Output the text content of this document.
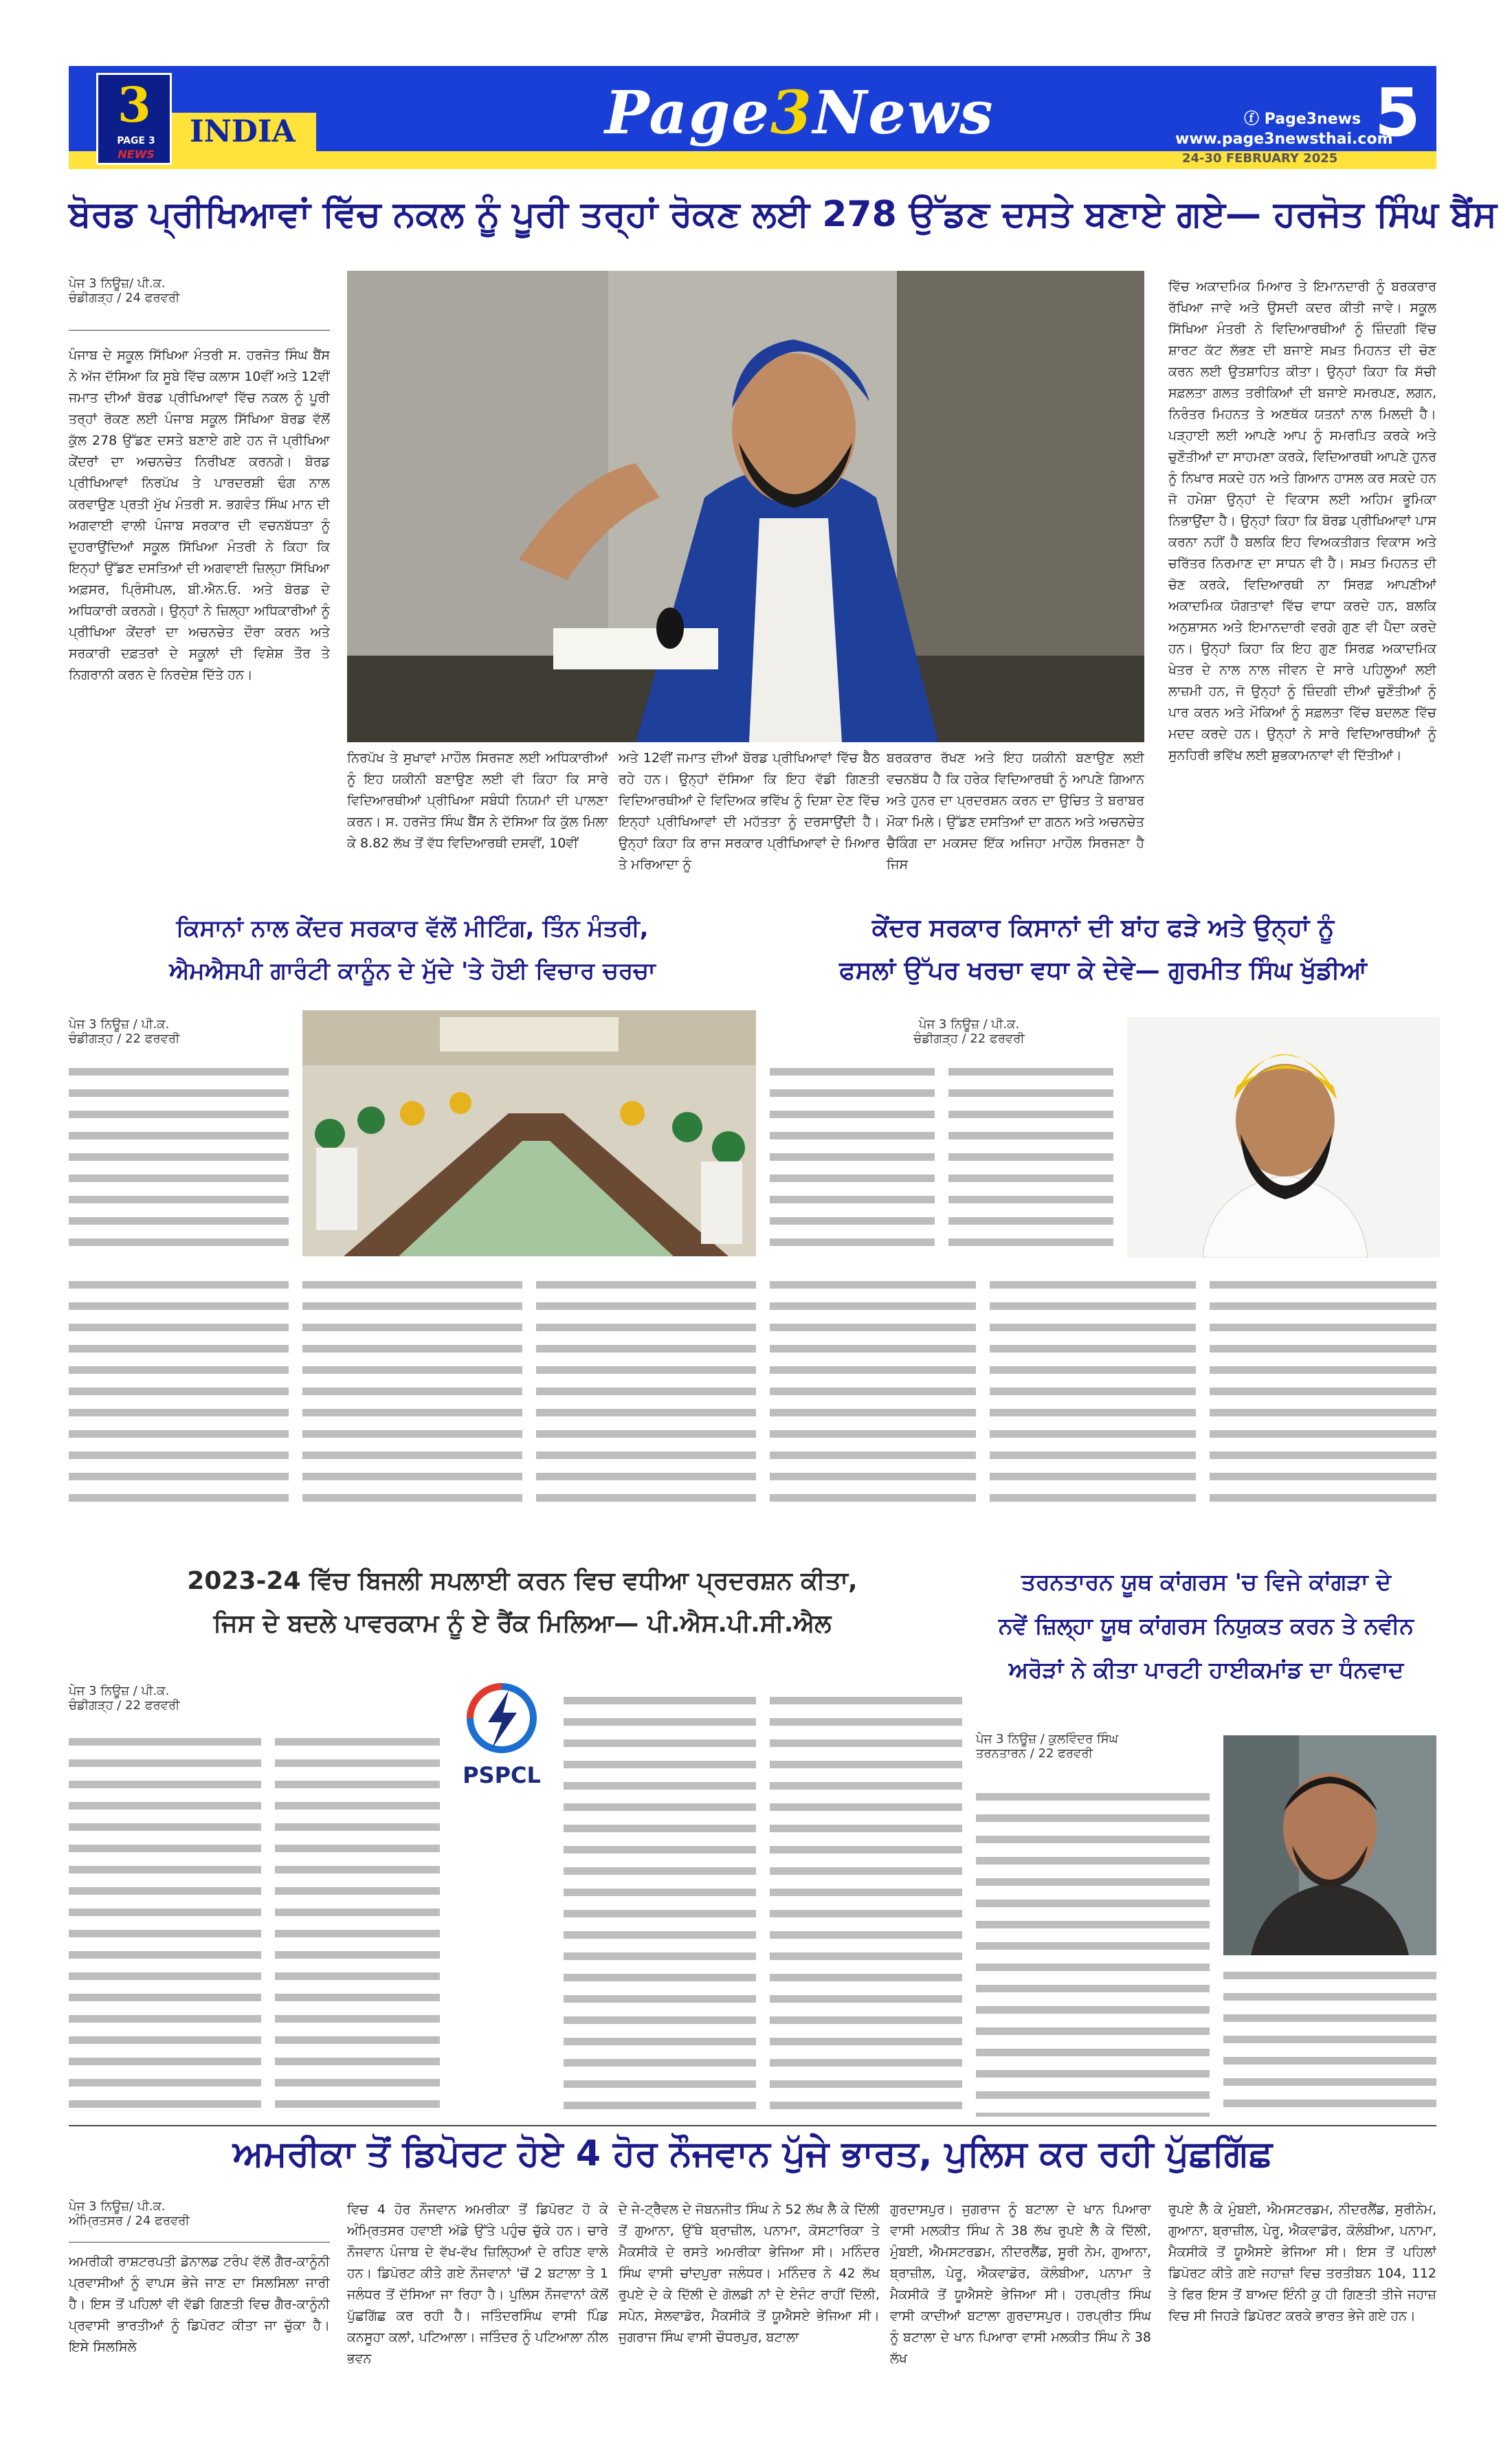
3
PAGE 3
NEWS
INDIA	Page3News	ⓕ Page3news
www.page3newsthai.com
5
24-30 FEBRUARY 2025
ਬੋਰਡ ਪ੍ਰੀਖਿਆਵਾਂ ਵਿੱਚ ਨਕਲ ਨੂੰ ਪੂਰੀ ਤਰ੍ਹਾਂ ਰੋਕਣ ਲਈ 278 ਉੱਡਣ ਦਸਤੇ ਬਣਾਏ ਗਏ— ਹਰਜੋਤ ਸਿੰਘ ਬੈਂਸ
ਪੇਜ 3 ਨਿਊਜ਼/ ਪੀ.ਕ.
ਚੰਡੀਗੜ੍ਹ / 24 ਫਰਵਰੀ
ਪੰਜਾਬ ਦੇ ਸਕੂਲ ਸਿੱਖਿਆ ਮੰਤਰੀ ਸ. ਹਰਜੋਤ ਸਿੰਘ ਬੈਂਸ ਨੇ ਅੱਜ ਦੱਸਿਆ ਕਿ ਸੂਬੇ ਵਿੱਚ ਕਲਾਸ 10ਵੀਂ ਅਤੇ 12ਵੀਂ ਜਮਾਤ ਦੀਆਂ ਬੋਰਡ ਪ੍ਰੀਖਿਆਵਾਂ ਵਿੱਚ ਨਕਲ ਨੂੰ ਪੂਰੀ ਤਰ੍ਹਾਂ ਰੋਕਣ ਲਈ ਪੰਜਾਬ ਸਕੂਲ ਸਿੱਖਿਆ ਬੋਰਡ ਵੱਲੋਂ ਕੁੱਲ 278 ਉੱਡਣ ਦਸਤੇ ਬਣਾਏ ਗਏ ਹਨ ਜੋ ਪ੍ਰੀਖਿਆ ਕੇਂਦਰਾਂ ਦਾ ਅਚਨਚੇਤ ਨਿਰੀਖਣ ਕਰਨਗੇ। ਬੋਰਡ ਪ੍ਰੀਖਿਆਵਾਂ ਨਿਰਪੱਖ ਤੇ ਪਾਰਦਰਸ਼ੀ ਢੰਗ ਨਾਲ ਕਰਵਾਉਣ ਪ੍ਰਤੀ ਮੁੱਖ ਮੰਤਰੀ ਸ. ਭਗਵੰਤ ਸਿੰਘ ਮਾਨ ਦੀ ਅਗਵਾਈ ਵਾਲੀ ਪੰਜਾਬ ਸਰਕਾਰ ਦੀ ਵਚਨਬੱਧਤਾ ਨੂੰ ਦੁਹਰਾਉਂਦਿਆਂ ਸਕੂਲ ਸਿੱਖਿਆ ਮੰਤਰੀ ਨੇ ਕਿਹਾ ਕਿ ਇਨ੍ਹਾਂ ਉੱਡਣ ਦਸਤਿਆਂ ਦੀ ਅਗਵਾਈ ਜ਼ਿਲ੍ਹਾ ਸਿੱਖਿਆ ਅਫ਼ਸਰ, ਪ੍ਰਿੰਸੀਪਲ, ਬੀ.ਐਨ.ਓ. ਅਤੇ ਬੋਰਡ ਦੇ ਅਧਿਕਾਰੀ ਕਰਨਗੇ। ਉਨ੍ਹਾਂ ਨੇ ਜ਼ਿਲ੍ਹਾ ਅਧਿਕਾਰੀਆਂ ਨੂੰ ਪ੍ਰੀਖਿਆ ਕੇਂਦਰਾਂ ਦਾ ਅਚਨਚੇਤ ਦੌਰਾ ਕਰਨ ਅਤੇ ਸਰਕਾਰੀ ਦਫ਼ਤਰਾਂ ਦੇ ਸਕੂਲਾਂ ਦੀ ਵਿਸ਼ੇਸ਼ ਤੌਰ ਤੇ ਨਿਗਰਾਨੀ ਕਰਨ ਦੇ ਨਿਰਦੇਸ਼ ਦਿੱਤੇ ਹਨ।
ਨਿਰਪੱਖ ਤੇ ਸੁਖਾਵਾਂ ਮਾਹੌਲ ਸਿਰਜਣ ਲਈ ਅਧਿਕਾਰੀਆਂ ਨੂੰ ਇਹ ਯਕੀਨੀ ਬਣਾਉਣ ਲਈ ਵੀ ਕਿਹਾ ਕਿ ਸਾਰੇ ਵਿਦਿਆਰਥੀਆਂ ਪ੍ਰੀਖਿਆ ਸਬੰਧੀ ਨਿਯਮਾਂ ਦੀ ਪਾਲਣਾ ਕਰਨ। ਸ. ਹਰਜੋਤ ਸਿੰਘ ਬੈਂਸ ਨੇ ਦੱਸਿਆ ਕਿ ਕੁੱਲ ਮਿਲਾ ਕੇ 8.82 ਲੱਖ ਤੋਂ ਵੱਧ ਵਿਦਿਆਰਥੀ ਦਸਵੀਂ, 10ਵੀਂ
ਅਤੇ 12ਵੀਂ ਜਮਾਤ ਦੀਆਂ ਬੋਰਡ ਪ੍ਰੀਖਿਆਵਾਂ ਵਿੱਚ ਬੈਠ ਰਹੇ ਹਨ। ਉਨ੍ਹਾਂ ਦੱਸਿਆ ਕਿ ਇਹ ਵੱਡੀ ਗਿਣਤੀ ਵਿਦਿਆਰਥੀਆਂ ਦੇ ਵਿਦਿਅਕ ਭਵਿੱਖ ਨੂੰ ਦਿਸ਼ਾ ਦੇਣ ਵਿੱਚ ਇਨ੍ਹਾਂ ਪ੍ਰੀਖਿਆਵਾਂ ਦੀ ਮਹੱਤਤਾ ਨੂੰ ਦਰਸਾਉਂਦੀ ਹੈ। ਉਨ੍ਹਾਂ ਕਿਹਾ ਕਿ ਰਾਜ ਸਰਕਾਰ ਪ੍ਰੀਖਿਆਵਾਂ ਦੇ ਮਿਆਰ ਤੇ ਮਰਿਆਦਾ ਨੂੰ
ਬਰਕਰਾਰ ਰੱਖਣ ਅਤੇ ਇਹ ਯਕੀਨੀ ਬਣਾਉਣ ਲਈ ਵਚਨਬੱਧ ਹੈ ਕਿ ਹਰੇਕ ਵਿਦਿਆਰਥੀ ਨੂੰ ਆਪਣੇ ਗਿਆਨ ਅਤੇ ਹੁਨਰ ਦਾ ਪ੍ਰਦਰਸ਼ਨ ਕਰਨ ਦਾ ਉਚਿਤ ਤੇ ਬਰਾਬਰ ਮੌਕਾ ਮਿਲੇ। ਉੱਡਣ ਦਸਤਿਆਂ ਦਾ ਗਠਨ ਅਤੇ ਅਚਨਚੇਤ ਚੈਕਿੰਗ ਦਾ ਮਕਸਦ ਇੱਕ ਅਜਿਹਾ ਮਾਹੌਲ ਸਿਰਜਣਾ ਹੈ ਜਿਸ
ਵਿੱਚ ਅਕਾਦਮਿਕ ਮਿਆਰ ਤੇ ਇਮਾਨਦਾਰੀ ਨੂੰ ਬਰਕਰਾਰ ਰੱਖਿਆ ਜਾਵੇ ਅਤੇ ਉਸਦੀ ਕਦਰ ਕੀਤੀ ਜਾਵੇ। ਸਕੂਲ ਸਿੱਖਿਆ ਮੰਤਰੀ ਨੇ ਵਿਦਿਆਰਥੀਆਂ ਨੂੰ ਜ਼ਿੰਦਗੀ ਵਿੱਚ ਸ਼ਾਰਟ ਕੱਟ ਲੱਭਣ ਦੀ ਬਜਾਏ ਸਖ਼ਤ ਮਿਹਨਤ ਦੀ ਚੋਣ ਕਰਨ ਲਈ ਉਤਸ਼ਾਹਿਤ ਕੀਤਾ। ਉਨ੍ਹਾਂ ਕਿਹਾ ਕਿ ਸੱਚੀ ਸਫ਼ਲਤਾ ਗਲਤ ਤਰੀਕਿਆਂ ਦੀ ਬਜਾਏ ਸਮਰਪਣ, ਲਗਨ, ਨਿਰੰਤਰ ਮਿਹਨਤ ਤੇ ਅਣਥੱਕ ਯਤਨਾਂ ਨਾਲ ਮਿਲਦੀ ਹੈ। ਪੜ੍ਹਾਈ ਲਈ ਆਪਣੇ ਆਪ ਨੂੰ ਸਮਰਪਿਤ ਕਰਕੇ ਅਤੇ ਚੁਣੌਤੀਆਂ ਦਾ ਸਾਹਮਣਾ ਕਰਕੇ, ਵਿਦਿਆਰਥੀ ਆਪਣੇ ਹੁਨਰ ਨੂੰ ਨਿਖਾਰ ਸਕਦੇ ਹਨ ਅਤੇ ਗਿਆਨ ਹਾਸਲ ਕਰ ਸਕਦੇ ਹਨ ਜੋ ਹਮੇਸ਼ਾ ਉਨ੍ਹਾਂ ਦੇ ਵਿਕਾਸ ਲਈ ਅਹਿਮ ਭੂਮਿਕਾ ਨਿਭਾਉਂਦਾ ਹੈ। ਉਨ੍ਹਾਂ ਕਿਹਾ ਕਿ ਬੋਰਡ ਪ੍ਰੀਖਿਆਵਾਂ ਪਾਸ ਕਰਨਾ ਨਹੀਂ ਹੈ ਬਲਕਿ ਇਹ ਵਿਅਕਤੀਗਤ ਵਿਕਾਸ ਅਤੇ ਚਰਿੱਤਰ ਨਿਰਮਾਣ ਦਾ ਸਾਧਨ ਵੀ ਹੈ। ਸਖ਼ਤ ਮਿਹਨਤ ਦੀ ਚੋਣ ਕਰਕੇ, ਵਿਦਿਆਰਥੀ ਨਾ ਸਿਰਫ਼ ਆਪਣੀਆਂ ਅਕਾਦਮਿਕ ਯੋਗਤਾਵਾਂ ਵਿੱਚ ਵਾਧਾ ਕਰਦੇ ਹਨ, ਬਲਕਿ ਅਨੁਸ਼ਾਸਨ ਅਤੇ ਇਮਾਨਦਾਰੀ ਵਰਗੇ ਗੁਣ ਵੀ ਪੈਦਾ ਕਰਦੇ ਹਨ। ਉਨ੍ਹਾਂ ਕਿਹਾ ਕਿ ਇਹ ਗੁਣ ਸਿਰਫ਼ ਅਕਾਦਮਿਕ ਖੇਤਰ ਦੇ ਨਾਲ ਨਾਲ ਜੀਵਨ ਦੇ ਸਾਰੇ ਪਹਿਲੂਆਂ ਲਈ ਲਾਜ਼ਮੀ ਹਨ, ਜੋ ਉਨ੍ਹਾਂ ਨੂੰ ਜ਼ਿੰਦਗੀ ਦੀਆਂ ਚੁਣੌਤੀਆਂ ਨੂੰ ਪਾਰ ਕਰਨ ਅਤੇ ਮੌਕਿਆਂ ਨੂੰ ਸਫ਼ਲਤਾ ਵਿੱਚ ਬਦਲਣ ਵਿੱਚ ਮਦਦ ਕਰਦੇ ਹਨ। ਉਨ੍ਹਾਂ ਨੇ ਸਾਰੇ ਵਿਦਿਆਰਥੀਆਂ ਨੂੰ ਸੁਨਹਿਰੀ ਭਵਿੱਖ ਲਈ ਸ਼ੁਭਕਾਮਨਾਵਾਂ ਵੀ ਦਿੱਤੀਆਂ।
ਕਿਸਾਨਾਂ ਨਾਲ ਕੇਂਦਰ ਸਰਕਾਰ ਵੱਲੋਂ ਮੀਟਿੰਗ, ਤਿੰਨ ਮੰਤਰੀ,
ਐਮਐਸਪੀ ਗਾਰੰਟੀ ਕਾਨੂੰਨ ਦੇ ਮੁੱਦੇ 'ਤੇ ਹੋਈ ਵਿਚਾਰ ਚਰਚਾ
ਪੇਜ 3 ਨਿਊਜ਼ / ਪੀ.ਕ.
ਚੰਡੀਗੜ੍ਹ / 22 ਫਰਵਰੀ
ਕੇਂਦਰ ਸਰਕਾਰ ਕਿਸਾਨਾਂ ਦੀ ਬਾਂਹ ਫੜੇ ਅਤੇ ਉਨ੍ਹਾਂ ਨੂੰ
ਫਸਲਾਂ ਉੱਪਰ ਖਰਚਾ ਵਧਾ ਕੇ ਦੇਵੇ— ਗੁਰਮੀਤ ਸਿੰਘ ਖੁੱਡੀਆਂ
ਪੇਜ 3 ਨਿਊਜ਼ / ਪੀ.ਕ.
ਚੰਡੀਗੜ੍ਹ / 22 ਫਰਵਰੀ
2023-24 ਵਿੱਚ ਬਿਜਲੀ ਸਪਲਾਈ ਕਰਨ ਵਿਚ ਵਧੀਆ ਪ੍ਰਦਰਸ਼ਨ ਕੀਤਾ,
ਜਿਸ ਦੇ ਬਦਲੇ ਪਾਵਰਕਾਮ ਨੂੰ ਏ ਰੈਂਕ ਮਿਲਿਆ— ਪੀ.ਐਸ.ਪੀ.ਸੀ.ਐਲ
ਪੇਜ 3 ਨਿਊਜ਼ / ਪੀ.ਕ.
ਚੰਡੀਗੜ੍ਹ / 22 ਫਰਵਰੀ
PSPCL
ਤਰਨਤਾਰਨ ਯੂਥ ਕਾਂਗਰਸ 'ਚ ਵਿਜੇ ਕਾਂਗੜਾ ਦੇ
ਨਵੇਂ ਜ਼ਿਲ੍ਹਾ ਯੂਥ ਕਾਂਗਰਸ ਨਿਯੁਕਤ ਕਰਨ ਤੇ ਨਵੀਨ
ਅਰੋੜਾਂ ਨੇ ਕੀਤਾ ਪਾਰਟੀ ਹਾਈਕਮਾਂਡ ਦਾ ਧੰਨਵਾਦ
ਪੇਜ 3 ਨਿਊਜ਼ / ਕੁਲਵਿੰਦਰ ਸਿੰਘ
ਤਰਨਤਾਰਨ / 22 ਫਰਵਰੀ
ਅਮਰੀਕਾ ਤੋਂ ਡਿਪੋਰਟ ਹੋਏ 4 ਹੋਰ ਨੌਜਵਾਨ ਪੁੱਜੇ ਭਾਰਤ, ਪੁਲਿਸ ਕਰ ਰਹੀ ਪੁੱਛਗਿੱਛ
ਪੇਜ 3 ਨਿਊਜ਼/ ਪੀ.ਕ.
ਅੰਮ੍ਰਿਤਸਰ / 24 ਫਰਵਰੀ
ਅਮਰੀਕੀ ਰਾਸ਼ਟਰਪਤੀ ਡੋਨਾਲਡ ਟਰੰਪ ਵੱਲੋਂ ਗੈਰ-ਕਾਨੂੰਨੀ ਪ੍ਰਵਾਸੀਆਂ ਨੂੰ ਵਾਪਸ ਭੇਜੇ ਜਾਣ ਦਾ ਸਿਲਸਿਲਾ ਜਾਰੀ ਹੈ। ਇਸ ਤੋਂ ਪਹਿਲਾਂ ਵੀ ਵੱਡੀ ਗਿਣਤੀ ਵਿਚ ਗੈਰ-ਕਾਨੂੰਨੀ ਪ੍ਰਵਾਸੀ ਭਾਰਤੀਆਂ ਨੂੰ ਡਿਪੋਰਟ ਕੀਤਾ ਜਾ ਚੁੱਕਾ ਹੈ। ਇਸੇ ਸਿਲਸਿਲੇ
ਵਿਚ 4 ਹੋਰ ਨੌਜਵਾਨ ਅਮਰੀਕਾ ਤੋਂ ਡਿਪੋਰਟ ਹੋ ਕੇ ਅੰਮ੍ਰਿਤਸਰ ਹਵਾਈ ਅੱਡੇ ਉੱਤੇ ਪਹੁੰਚ ਚੁੱਕੇ ਹਨ। ਚਾਰੇ ਨੌਜਵਾਨ ਪੰਜਾਬ ਦੇ ਵੱਖ-ਵੱਖ ਜ਼ਿਲ੍ਹਿਆਂ ਦੇ ਰਹਿਣ ਵਾਲੇ ਹਨ। ਡਿਪੋਰਟ ਕੀਤੇ ਗਏ ਨੌਜਵਾਨਾਂ 'ਚੋਂ 2 ਬਟਾਲਾ ਤੇ 1 ਜਲੰਧਰ ਤੋਂ ਦੱਸਿਆ ਜਾ ਰਿਹਾ ਹੈ। ਪੁਲਿਸ ਨੌਜਵਾਨਾਂ ਕੋਲੋਂ ਪੁੱਛਗਿੱਛ ਕਰ ਰਹੀ ਹੈ। ਜਤਿੰਦਰਸਿੰਘ ਵਾਸੀ ਪਿੰਡ ਕਨਸੂਹਾ ਕਲਾਂ, ਪਟਿਆਲਾ। ਜਤਿੰਦਰ ਨੂੰ ਪਟਿਆਲਾ ਨੀਲ ਭਵਨ
ਦੇ ਜੇ-ਟ੍ਰੈਵਲ ਦੇ ਜੋਬਨਜੀਤ ਸਿੰਘ ਨੇ 52 ਲੱਖ ਲੈ ਕੇ ਦਿੱਲੀ ਤੋਂ ਗੁਆਨਾ, ਉੱਥੇ ਬ੍ਰਾਜ਼ੀਲ, ਪਨਾਮਾ, ਕੋਸਟਾਰਿਕਾ ਤੇ ਮੈਕਸੀਕੋ ਦੇ ਰਸਤੇ ਅਮਰੀਕਾ ਭੇਜਿਆ ਸੀ। ਮਨਿੰਦਰ ਸਿੰਘ ਵਾਸੀ ਚਾਂਦਪੁਰਾ ਜਲੰਧਰ। ਮਨਿੰਦਰ ਨੇ 42 ਲੱਖ ਰੁਪਏ ਦੇ ਕੇ ਦਿੱਲੀ ਦੇ ਗੋਲਡੀ ਨਾਂ ਦੇ ਏਜੰਟ ਰਾਹੀਂ ਦਿੱਲੀ, ਸਪੇਨ, ਸੇਲਵਾਡੋਰ, ਮੈਕਸੀਕੋ ਤੋਂ ਯੂਐਸਏ ਭੇਜਿਆ ਸੀ। ਜੁਗਰਾਜ ਸਿੰਘ ਵਾਸੀ ਚੌਧਰਪੁਰ, ਬਟਾਲਾ
ਗੁਰਦਾਸਪੁਰ। ਜੁਗਰਾਜ ਨੂੰ ਬਟਾਲਾ ਦੇ ਖਾਨ ਪਿਆਰਾ ਵਾਸੀ ਮਲਕੀਤ ਸਿੰਘ ਨੇ 38 ਲੱਖ ਰੁਪਏ ਲੈ ਕੇ ਦਿੱਲੀ, ਮੁੰਬਈ, ਐਮਸਟਰਡਮ, ਨੀਦਰਲੈਂਡ, ਸੂਰੀ ਨੇਮ, ਗੁਆਨਾ, ਬ੍ਰਾਜ਼ੀਲ, ਪੇਰੂ, ਐਕਵਾਡੋਰ, ਕੋਲੰਬੀਆ, ਪਨਾਮਾ ਤੇ ਮੈਕਸੀਕੋ ਤੋਂ ਯੂਐਸਏ ਭੇਜਿਆ ਸੀ। ਹਰਪ੍ਰੀਤ ਸਿੰਘ ਵਾਸੀ ਕਾਦੀਆਂ ਬਟਾਲਾ ਗੁਰਦਾਸਪੁਰ। ਹਰਪ੍ਰੀਤ ਸਿੰਘ ਨੂੰ ਬਟਾਲਾ ਦੇ ਖਾਨ ਪਿਆਰਾ ਵਾਸੀ ਮਲਕੀਤ ਸਿੰਘ ਨੇ 38 ਲੱਖ
ਰੁਪਏ ਲੈ ਕੇ ਮੁੰਬਈ, ਐਮਸਟਰਡਮ, ਨੀਦਰਲੈਂਡ, ਸੁਰੀਨੇਮ, ਗੁਆਨਾ, ਬ੍ਰਾਜ਼ੀਲ, ਪੇਰੂ, ਐਕਵਾਡੋਰ, ਕੋਲੰਬੀਆ, ਪਨਾਮਾ, ਮੈਕਸੀਕੋ ਤੋਂ ਯੂਐਸਏ ਭੇਜਿਆ ਸੀ। ਇਸ ਤੋਂ ਪਹਿਲਾਂ ਡਿਪੋਰਟ ਕੀਤੇ ਗਏ ਜਹਾਜ਼ਾਂ ਵਿਚ ਤਰਤੀਬਨ 104, 112 ਤੇ ਫਿਰ ਇਸ ਤੋਂ ਬਾਅਦ ਇੰਨੀ ਕੁ ਹੀ ਗਿਣਤੀ ਤੀਜੇ ਜਹਾਜ਼ ਵਿਚ ਸੀ ਜਿਹੜੇ ਡਿਪੋਰਟ ਕਰਕੇ ਭਾਰਤ ਭੇਜੇ ਗਏ ਹਨ।
